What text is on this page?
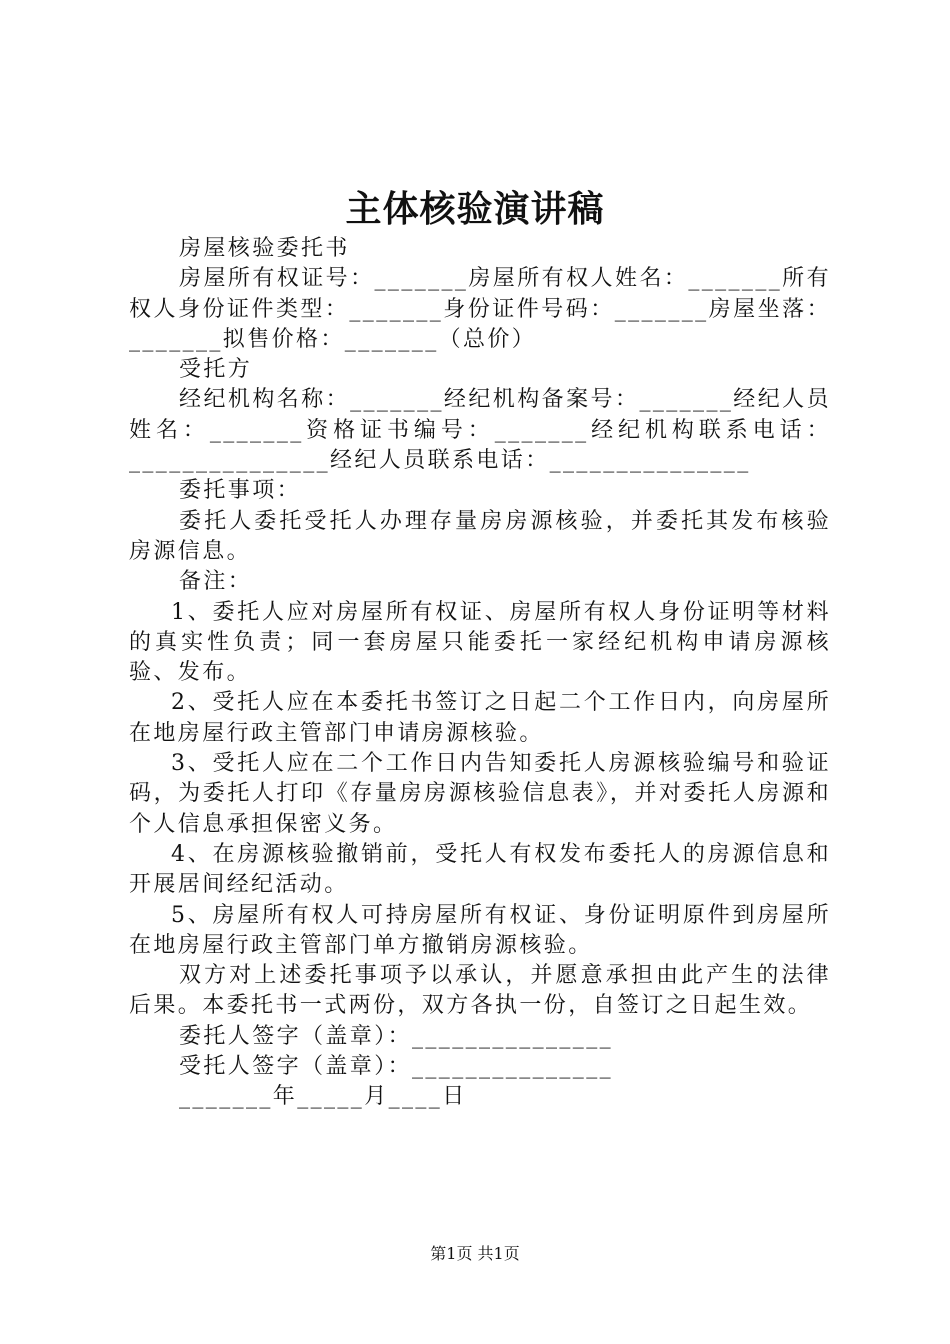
主体核验演讲稿

房屋核验委托书

房屋所有权证号：_______房屋所有权人姓名：_______所有权人身份证件类型：_______身份证件号码：_______房屋坐落：_______拟售价格：_______（总价）

受托方

经纪机构名称：_______经纪机构备案号：_______经纪人员姓名：_______资格证书编号：_______经纪机构联系电话：_______________经纪人员联系电话：_______________

委托事项：

委托人委托受托人办理存量房房源核验，并委托其发布核验房源信息。

备注：

1、委托人应对房屋所有权证、房屋所有权人身份证明等材料的真实性负责；同一套房屋只能委托一家经纪机构申请房源核验、发布。

2、受托人应在本委托书签订之日起二个工作日内，向房屋所在地房屋行政主管部门申请房源核验。

3、受托人应在二个工作日内告知委托人房源核验编号和验证码，为委托人打印《存量房房源核验信息表》，并对委托人房源和个人信息承担保密义务。

4、在房源核验撤销前，受托人有权发布委托人的房源信息和开展居间经纪活动。

5、房屋所有权人可持房屋所有权证、身份证明原件到房屋所在地房屋行政主管部门单方撤销房源核验。

双方对上述委托事项予以承认，并愿意承担由此产生的法律后果。本委托书一式两份，双方各执一份，自签订之日起生效。

委托人签字（盖章）：_______________

受托人签字（盖章）：_______________

_______年_____月____日

第1页 共1页
